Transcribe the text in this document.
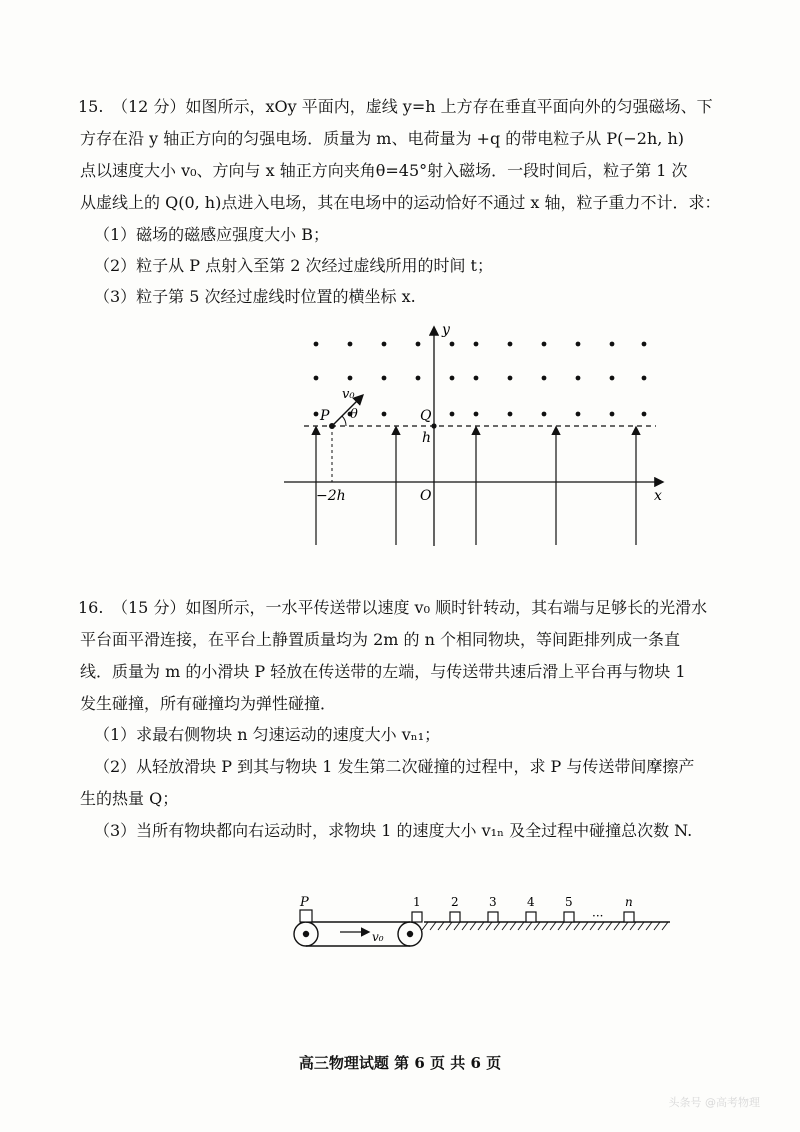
15. （12 分）如图所示，xOy 平面内，虚线 y=h 上方存在垂直平面向外的匀强磁场、下
方存在沿 y 轴正方向的匀强电场．质量为 m、电荷量为 +q 的带电粒子从 P(−2h, h)
点以速度大小 v₀、方向与 x 轴正方向夹角θ=45°射入磁场．一段时间后，粒子第 1 次
从虚线上的 Q(0, h)点进入电场，其在电场中的运动恰好不通过 x 轴，粒子重力不计．求：
（1）磁场的磁感应强度大小 B；
（2）粒子从 P 点射入至第 2 次经过虚线所用的时间 t；
（3）粒子第 5 次经过虚线时位置的横坐标 x.
y
x
O
P	Q
h
−2h
v₀
θ
16. （15 分）如图所示，一水平传送带以速度 v₀ 顺时针转动，其右端与足够长的光滑水
平台面平滑连接，在平台上静置质量均为 2m 的 n 个相同物块，等间距排列成一条直
线．质量为 m 的小滑块 P 轻放在传送带的左端，与传送带共速后滑上平台再与物块 1
发生碰撞，所有碰撞均为弹性碰撞．
（1）求最右侧物块 n 匀速运动的速度大小 vₙ₁；
（2）从轻放滑块 P 到其与物块 1 发生第二次碰撞的过程中，求 P 与传送带间摩擦产
生的热量 Q；
（3）当所有物块都向右运动时，求物块 1 的速度大小 v₁ₙ 及全过程中碰撞总次数 N.
v₀
P	1	2	3	4	5
···
n
高三物理试题 第 6 页 共 6 页
头条号 @高考物理
